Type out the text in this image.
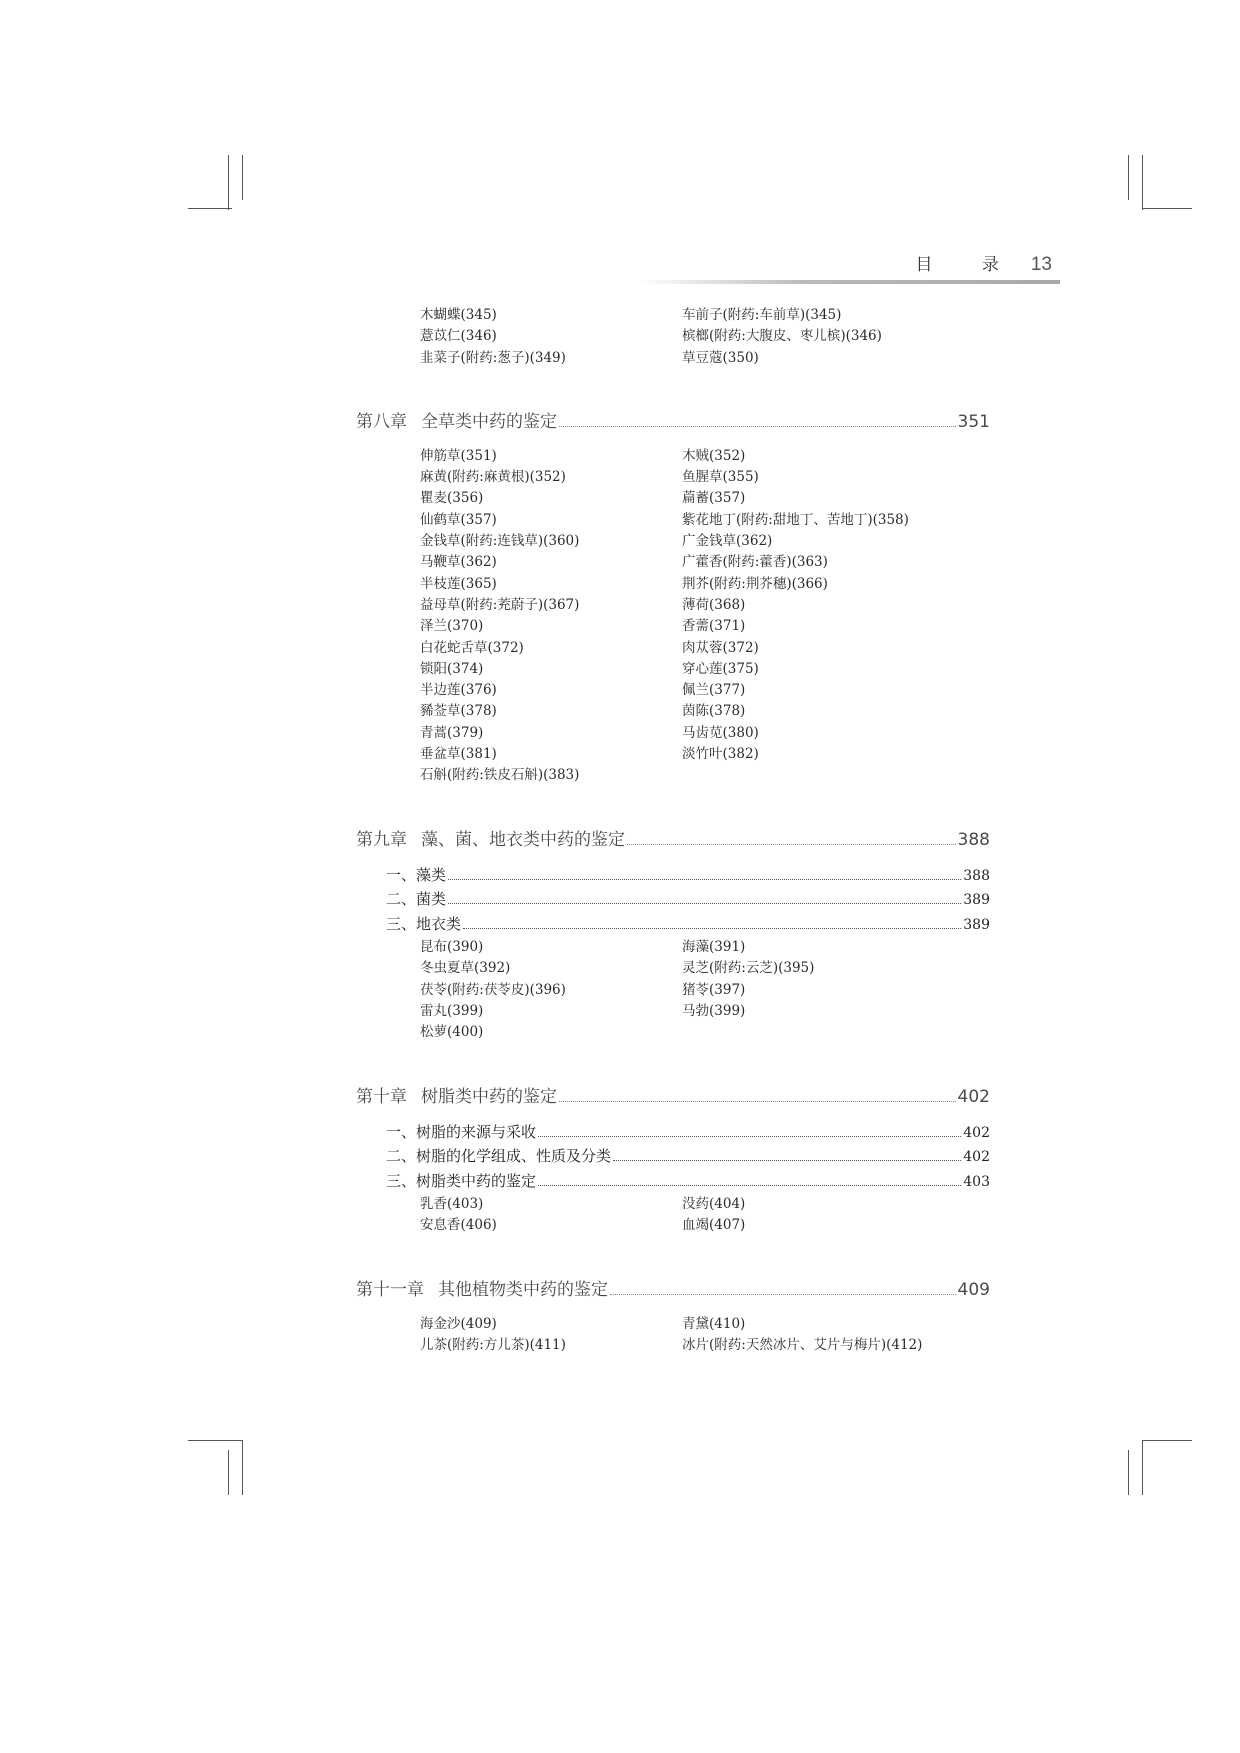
目 录 13
木蝴蝶(345)	车前子(附药:车前草)(345)
薏苡仁(346)	槟榔(附药:大腹皮、枣儿槟)(346)
韭菜子(附药:葱子)(349)	草豆蔻(350)
第八章 全草类中药的鉴定	351
伸筋草(351)	木贼(352)
麻黄(附药:麻黄根)(352)	鱼腥草(355)
瞿麦(356)	萹蓄(357)
仙鹤草(357)	紫花地丁(附药:甜地丁、苦地丁)(358)
金钱草(附药:连钱草)(360)	广金钱草(362)
马鞭草(362)	广藿香(附药:藿香)(363)
半枝莲(365)	荆芥(附药:荆芥穗)(366)
益母草(附药:茺蔚子)(367)	薄荷(368)
泽兰(370)	香薷(371)
白花蛇舌草(372)	肉苁蓉(372)
锁阳(374)	穿心莲(375)
半边莲(376)	佩兰(377)
豨莶草(378)	茵陈(378)
青蒿(379)	马齿苋(380)
垂盆草(381)	淡竹叶(382)
石斛(附药:铁皮石斛)(383)
第九章 藻、菌、地衣类中药的鉴定	388
一、藻类	388
二、菌类	389
三、地衣类	389
昆布(390)	海藻(391)
冬虫夏草(392)	灵芝(附药:云芝)(395)
茯苓(附药:茯苓皮)(396)	猪苓(397)
雷丸(399)	马勃(399)
松萝(400)
第十章 树脂类中药的鉴定	402
一、树脂的来源与采收	402
二、树脂的化学组成、性质及分类	402
三、树脂类中药的鉴定	403
乳香(403)	没药(404)
安息香(406)	血竭(407)
第十一章 其他植物类中药的鉴定	409
海金沙(409)	青黛(410)
儿茶(附药:方儿茶)(411)	冰片(附药:天然冰片、艾片与梅片)(412)
